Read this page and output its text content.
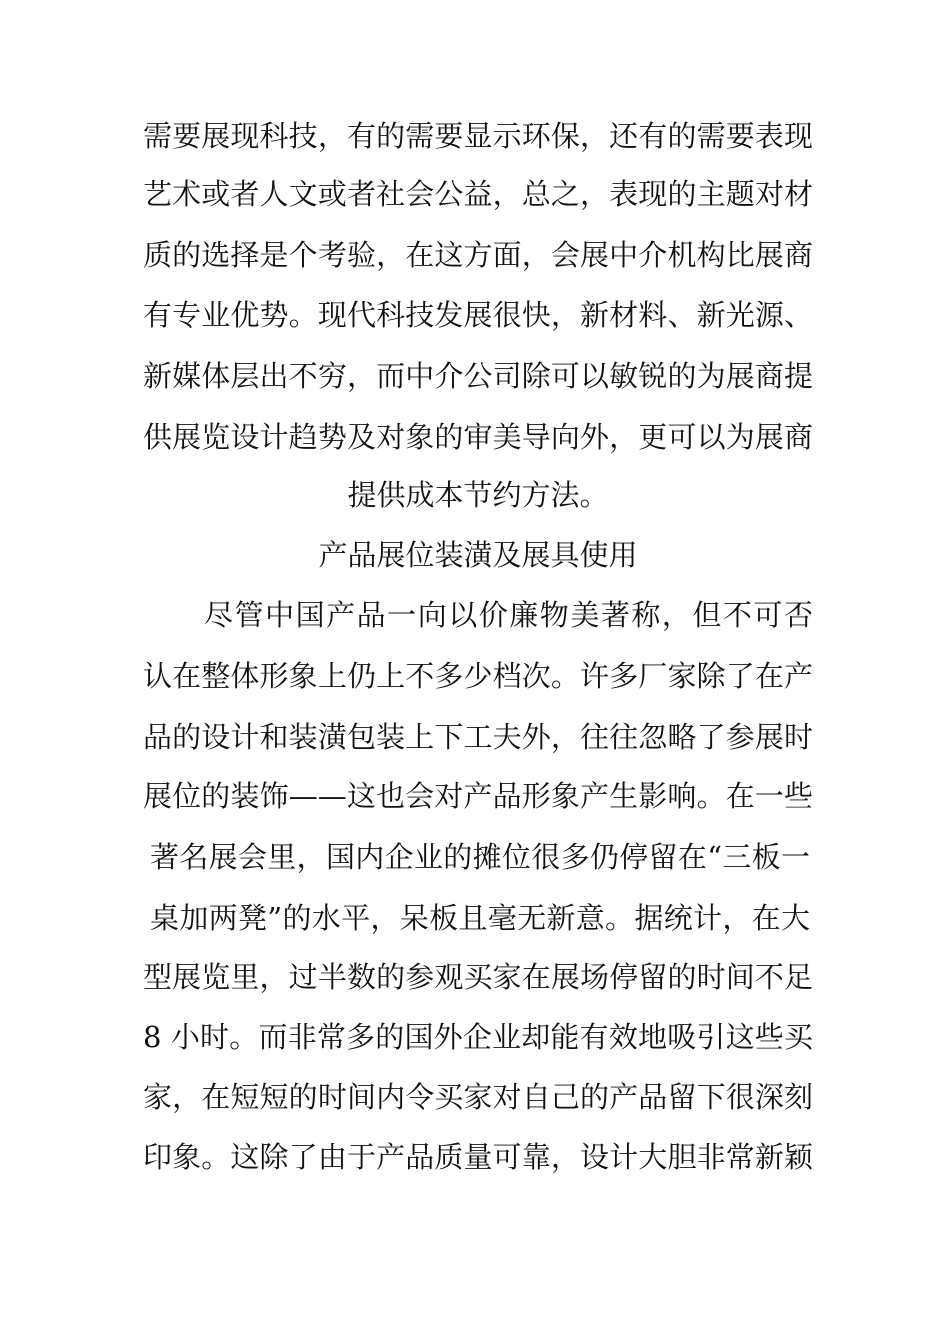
需要展现科技，有的需要显示环保，还有的需要表现
艺术或者人文或者社会公益，总之，表现的主题对材
质的选择是个考验，在这方面，会展中介机构比展商
有专业优势。现代科技发展很快，新材料、新光源、
新媒体层出不穷，而中介公司除可以敏锐的为展商提
供展览设计趋势及对象的审美导向外，更可以为展商
提供成本节约方法。
产品展位装潢及展具使用
　　尽管中国产品一向以价廉物美著称，但不可否
认在整体形象上仍上不多少档次。许多厂家除了在产
品的设计和装潢包装上下工夫外，往往忽略了参展时
展位的装饰——这也会对产品形象产生影响。在一些
著名展会里，国内企业的摊位很多仍停留在“三板一
桌加两凳”的水平，呆板且毫无新意。据统计，在大
型展览里，过半数的参观买家在展场停留的时间不足
8 小时。而非常多的国外企业却能有效地吸引这些买
家，在短短的时间内令买家对自己的产品留下很深刻
印象。这除了由于产品质量可靠，设计大胆非常新颖
